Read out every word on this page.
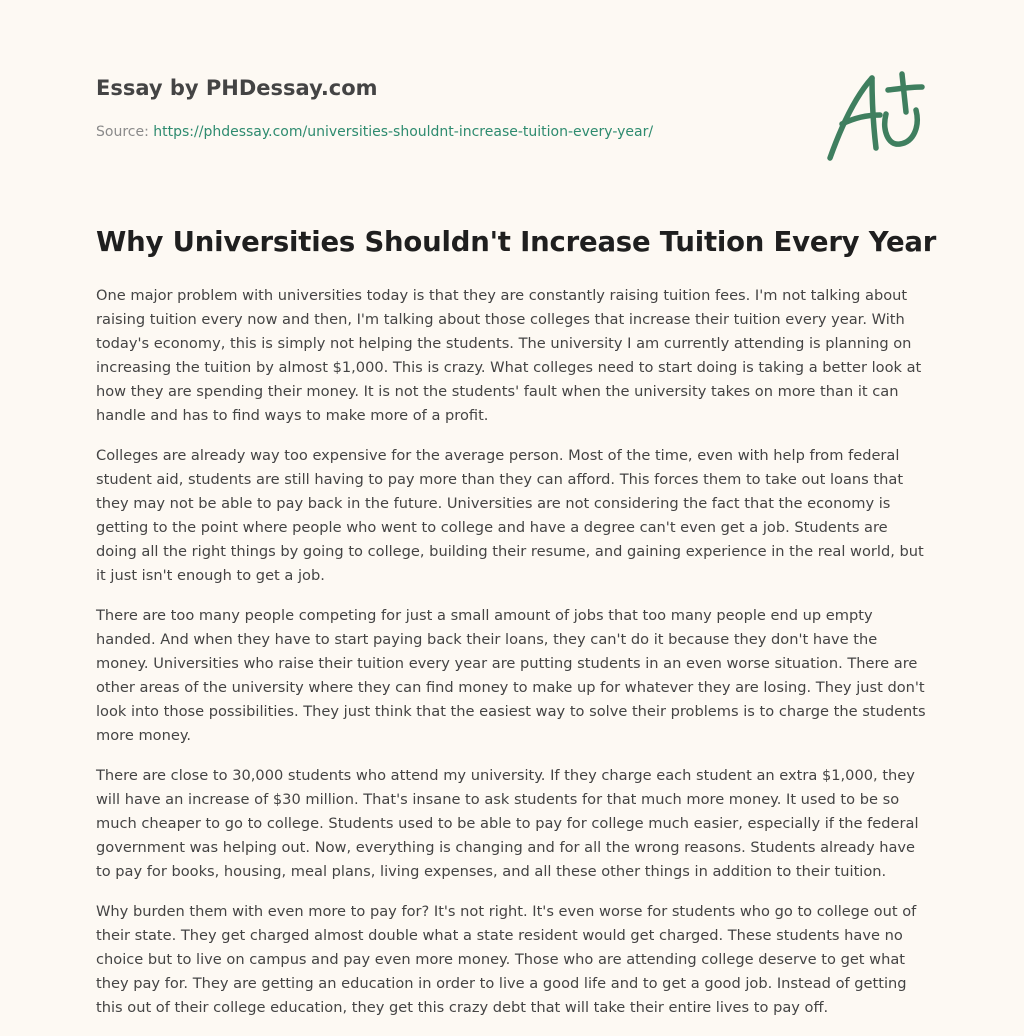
Essay by PHDessay.com

Source: https://phdessay.com/universities-shouldnt-increase-tuition-every-year/

Why Universities Shouldn't Increase Tuition Every Year

One major problem with universities today is that they are constantly raising tuition fees. I'm not talking about raising tuition every now and then, I'm talking about those colleges that increase their tuition every year. With today's economy, this is simply not helping the students. The university I am currently attending is planning on increasing the tuition by almost $1,000. This is crazy. What colleges need to start doing is taking a better look at how they are spending their money. It is not the students' fault when the university takes on more than it can handle and has to find ways to make more of a profit.

Colleges are already way too expensive for the average person. Most of the time, even with help from federal student aid, students are still having to pay more than they can afford. This forces them to take out loans that they may not be able to pay back in the future. Universities are not considering the fact that the economy is getting to the point where people who went to college and have a degree can't even get a job. Students are doing all the right things by going to college, building their resume, and gaining experience in the real world, but it just isn't enough to get a job.

There are too many people competing for just a small amount of jobs that too many people end up empty handed. And when they have to start paying back their loans, they can't do it because they don't have the money. Universities who raise their tuition every year are putting students in an even worse situation. There are other areas of the university where they can find money to make up for whatever they are losing. They just don't look into those possibilities. They just think that the easiest way to solve their problems is to charge the students more money.

There are close to 30,000 students who attend my university. If they charge each student an extra $1,000, they will have an increase of $30 million. That's insane to ask students for that much more money. It used to be so much cheaper to go to college. Students used to be able to pay for college much easier, especially if the federal government was helping out. Now, everything is changing and for all the wrong reasons. Students already have to pay for books, housing, meal plans, living expenses, and all these other things in addition to their tuition.

Why burden them with even more to pay for? It's not right. It's even worse for students who go to college out of their state. They get charged almost double what a state resident would get charged. These students have no choice but to live on campus and pay even more money. Those who are attending college deserve to get what they pay for. They are getting an education in order to live a good life and to get a good job. Instead of getting this out of their college education, they get this crazy debt that will take their entire lives to pay off.
